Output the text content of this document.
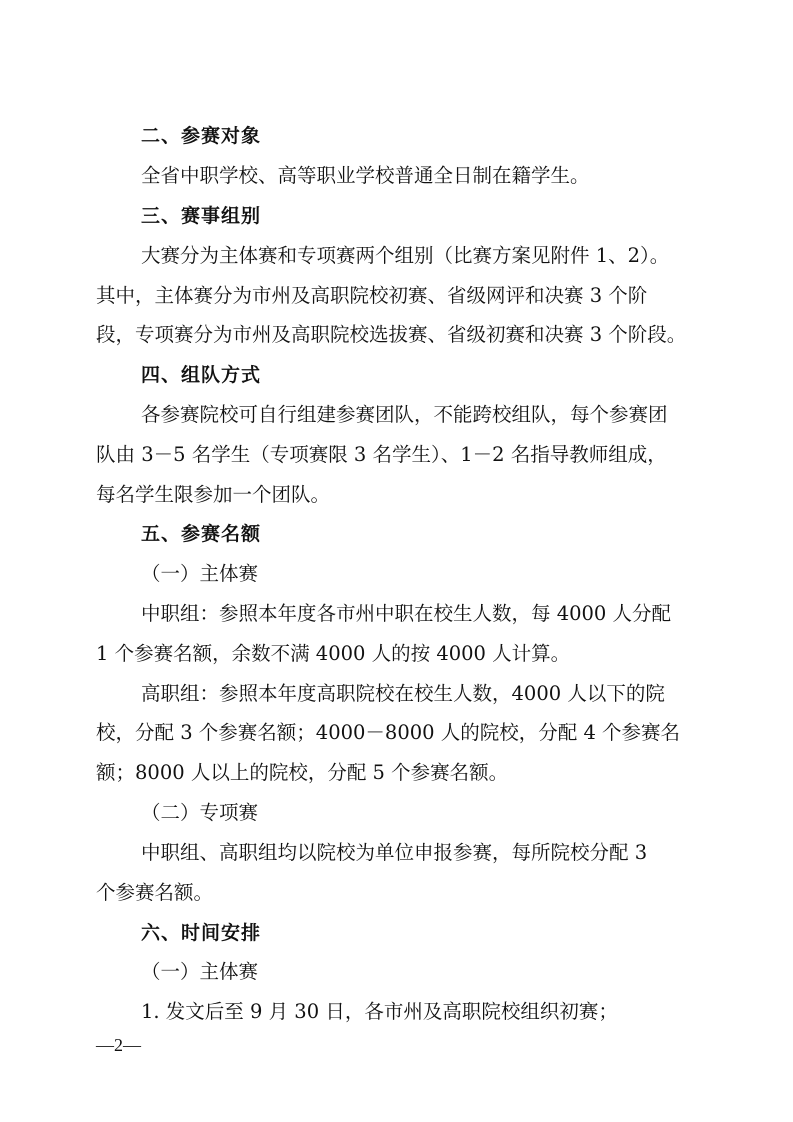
二、参赛对象
全省中职学校、高等职业学校普通全日制在籍学生。
三、赛事组别
大赛分为主体赛和专项赛两个组别（比赛方案见附件 1、2）。
其中，主体赛分为市州及高职院校初赛、省级网评和决赛 3 个阶
段，专项赛分为市州及高职院校选拔赛、省级初赛和决赛 3 个阶段。
四、组队方式
各参赛院校可自行组建参赛团队，不能跨校组队，每个参赛团
队由 3－5 名学生（专项赛限 3 名学生）、1－2 名指导教师组成，
每名学生限参加一个团队。
五、参赛名额
（一）主体赛
中职组：参照本年度各市州中职在校生人数，每 4000 人分配
1 个参赛名额，余数不满 4000 人的按 4000 人计算。
高职组：参照本年度高职院校在校生人数，4000 人以下的院
校，分配 3 个参赛名额；4000－8000 人的院校，分配 4 个参赛名
额；8000 人以上的院校，分配 5 个参赛名额。
（二）专项赛
中职组、高职组均以院校为单位申报参赛，每所院校分配 3
个参赛名额。
六、时间安排
（一）主体赛
1. 发文后至 9 月 30 日，各市州及高职院校组织初赛；
—2—
